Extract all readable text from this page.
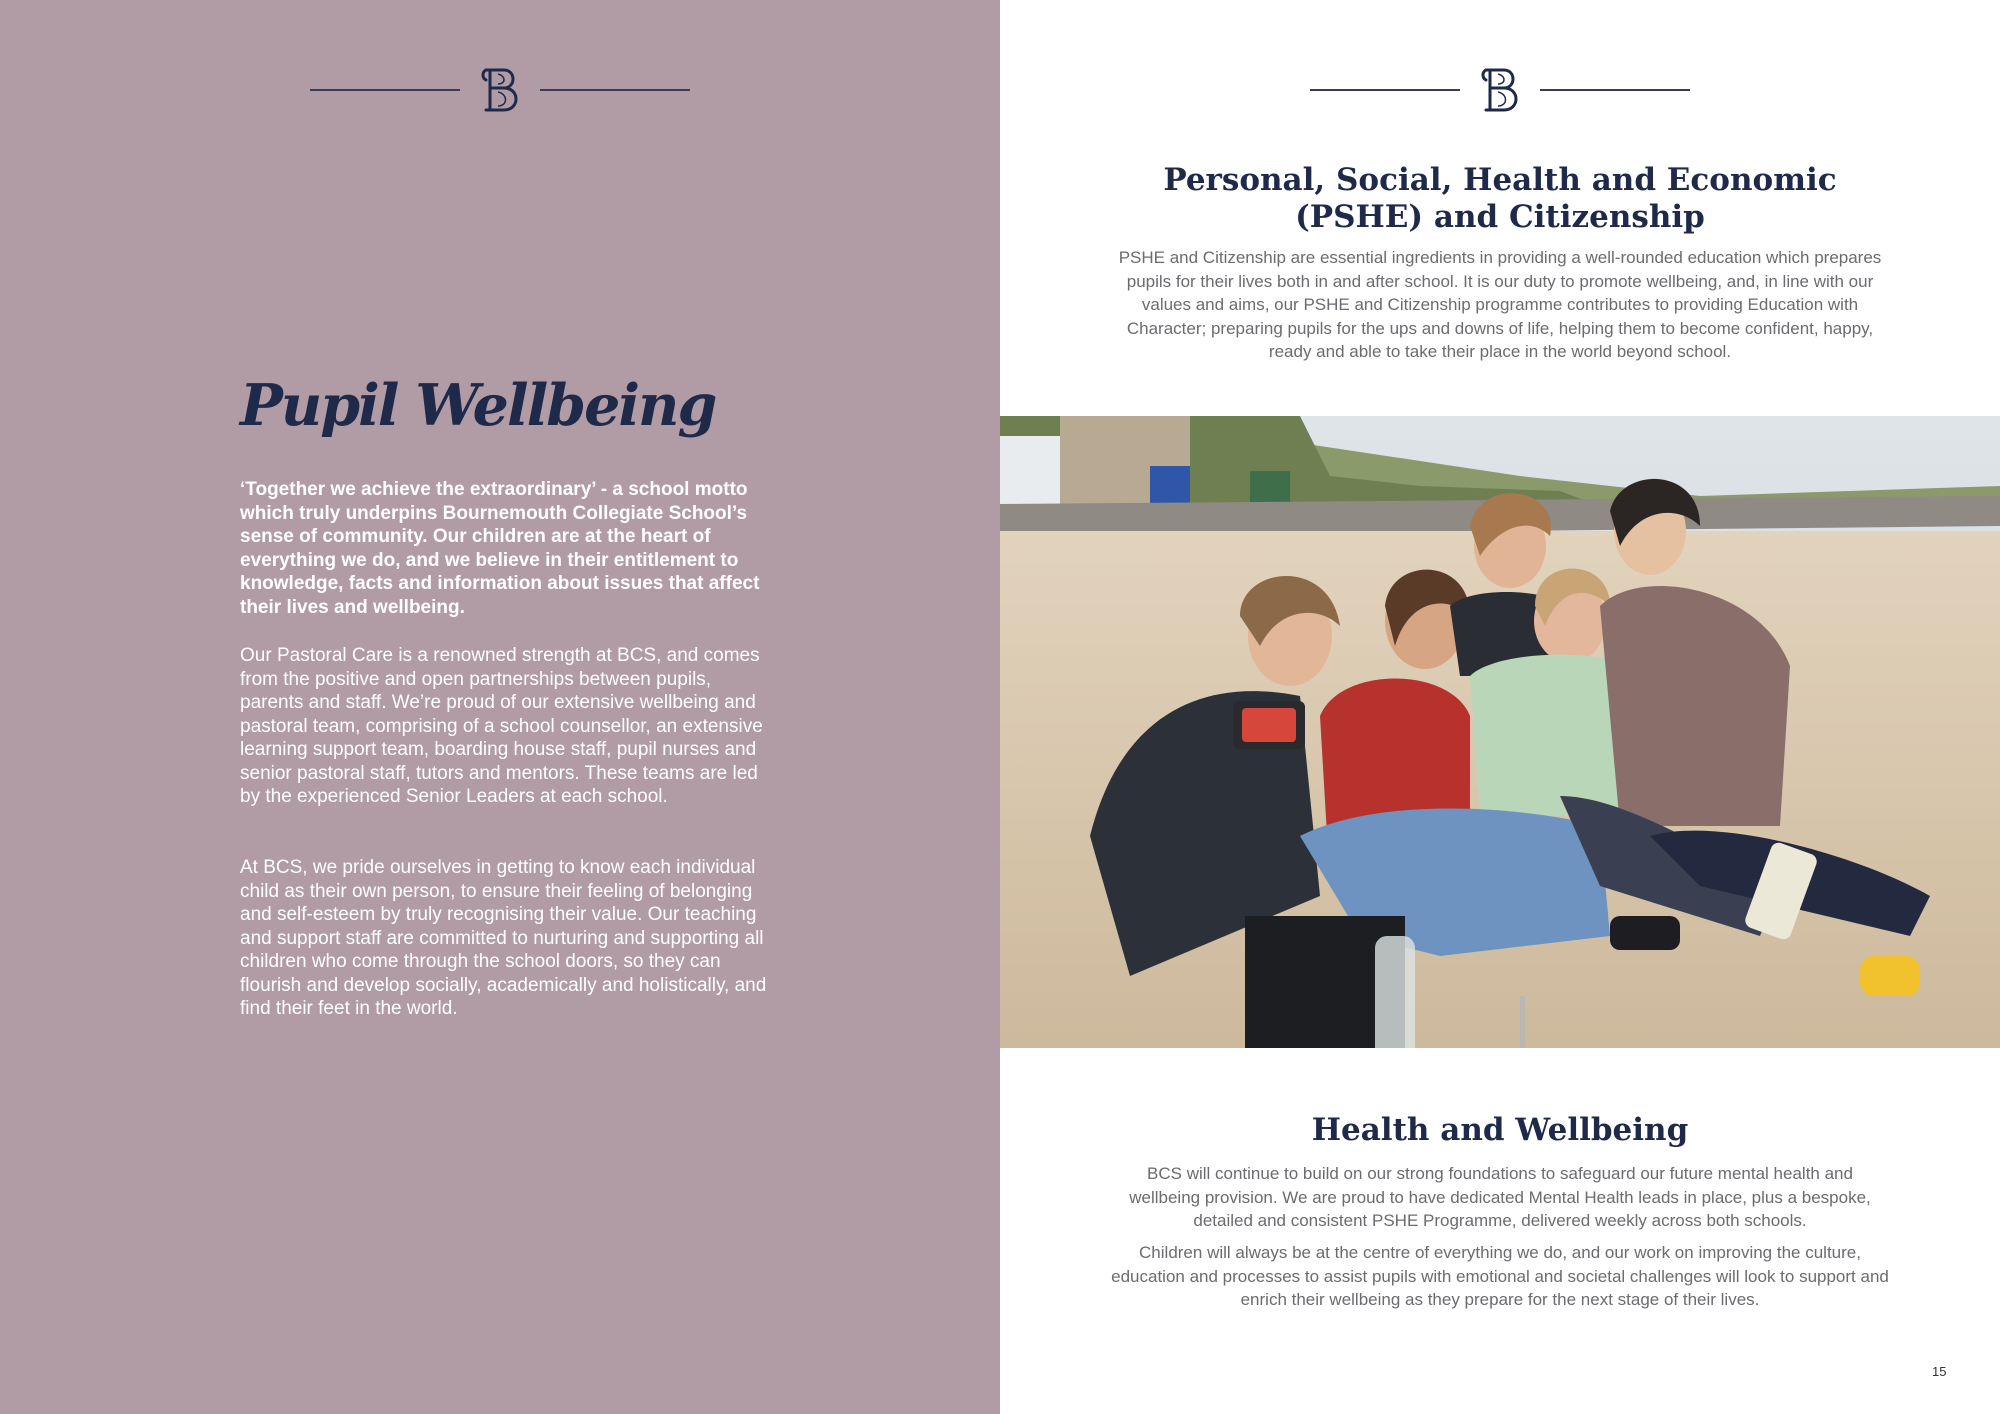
Pupil Wellbeing

‘Together we achieve the extraordinary’ - a school motto which truly underpins Bournemouth Collegiate School’s sense of community. Our children are at the heart of everything we do, and we believe in their entitlement to knowledge, facts and information about issues that affect their lives and wellbeing.

Our Pastoral Care is a renowned strength at BCS, and comes from the positive and open partnerships between pupils, parents and staff. We’re proud of our extensive wellbeing and pastoral team, comprising of a school counsellor, an extensive learning support team, boarding house staff, pupil nurses and senior pastoral staff, tutors and mentors. These teams are led by the experienced Senior Leaders at each school.

At BCS, we pride ourselves in getting to know each individual child as their own person, to ensure their feeling of belonging and self-esteem by truly recognising their value. Our teaching and support staff are committed to nurturing and supporting all children who come through the school doors, so they can flourish and develop socially, academically and holistically, and find their feet in the world.

Personal, Social, Health and Economic (PSHE) and Citizenship

PSHE and Citizenship are essential ingredients in providing a well-rounded education which prepares pupils for their lives both in and after school. It is our duty to promote wellbeing, and, in line with our values and aims, our PSHE and Citizenship programme contributes to providing Education with Character; preparing pupils for the ups and downs of life, helping them to become confident, happy, ready and able to take their place in the world beyond school.

Health and Wellbeing

BCS will continue to build on our strong foundations to safeguard our future mental health and wellbeing provision. We are proud to have dedicated Mental Health leads in place, plus a bespoke, detailed and consistent PSHE Programme, delivered weekly across both schools.

Children will always be at the centre of everything we do, and our work on improving the culture, education and processes to assist pupils with emotional and societal challenges will look to support and enrich their wellbeing as they prepare for the next stage of their lives.

15
